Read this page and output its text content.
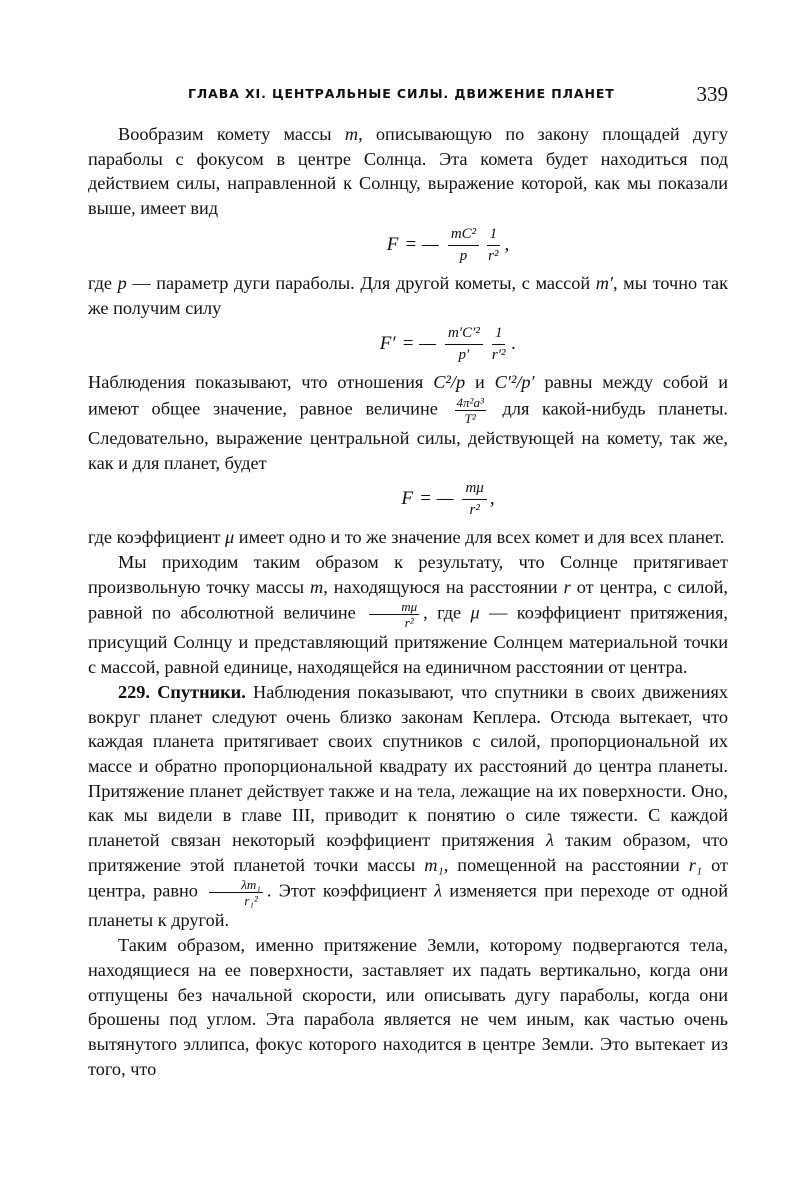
ГЛАВА XI. ЦЕНТРАЛЬНЫЕ СИЛЫ. ДВИЖЕНИЕ ПЛАНЕТ	339

Вообразим комету массы m, описывающую по закону площадей дугу параболы с фокусом в центре Солнца. Эта комета будет находиться под действием силы, направленной к Солнцу, выражение которой, как мы показали выше, имеет вид

F = — $\frac{\text{mC²}}{p} \frac{1}{\text{r²}}$ ,

где p — параметр дуги параболы. Для другой кометы, с массой m′, мы точно так же получим силу

F′ = — $\frac{\text{m′C′²}}{p'} \frac{1}{\text{r′²}}$ .

Наблюдения показывают, что отношения C²/p и C′²/p′ равны между собой и имеют общее значение, равное величине $\frac{\text{4π²a³}}{\text{T²}}$ для какой-нибудь планеты. Следовательно, выражение центральной силы, действующей на комету, так же, как и для планет, будет

F = — $\frac{m\mu}{\text{r²}}$ ,

где коэффициент μ имеет одно и то же значение для всех комет и для всех планет.

Мы приходим таким образом к результату, что Солнце притягивает произвольную точку массы m, находящуюся на расстоянии r от центра, с силой, равной по абсолютной величине $\frac{m\mu}{\text{r²}}$ , где μ — коэффициент притяжения, присущий Солнцу и представляющий притяжение Солнцем материальной точки с массой, равной единице, находящейся на единичном расстоянии от центра.

229. Спутники. Наблюдения показывают, что спутники в своих движениях вокруг планет следуют очень близко законам Кеплера. Отсюда вытекает, что каждая планета притягивает своих спутников с силой, пропорциональной их массе и обратно пропорциональной квадрату их расстояний до центра планеты. Притяжение планет действует также и на тела, лежащие на их поверхности. Оно, как мы видели в главе III, приводит к понятию о силе тяжести. С каждой планетой связан некоторый коэффициент притяжения λ таким образом, что притяжение этой планетой точки массы m₁, помещенной на расстоянии r₁ от центра, равно $\frac{\text{λm₁}}{\text{r₁²}}$ . Этот коэффициент λ изменяется при переходе от одной планеты к другой.

Таким образом, именно притяжение Земли, которому подвергаются тела, находящиеся на ее поверхности, заставляет их падать вертикально, когда они отпущены без начальной скорости, или описывать дугу параболы, когда они брошены под углом. Эта парабола является не чем иным, как частью очень вытянутого эллипса, фокус которого находится в центре Земли. Это вытекает из того, что
